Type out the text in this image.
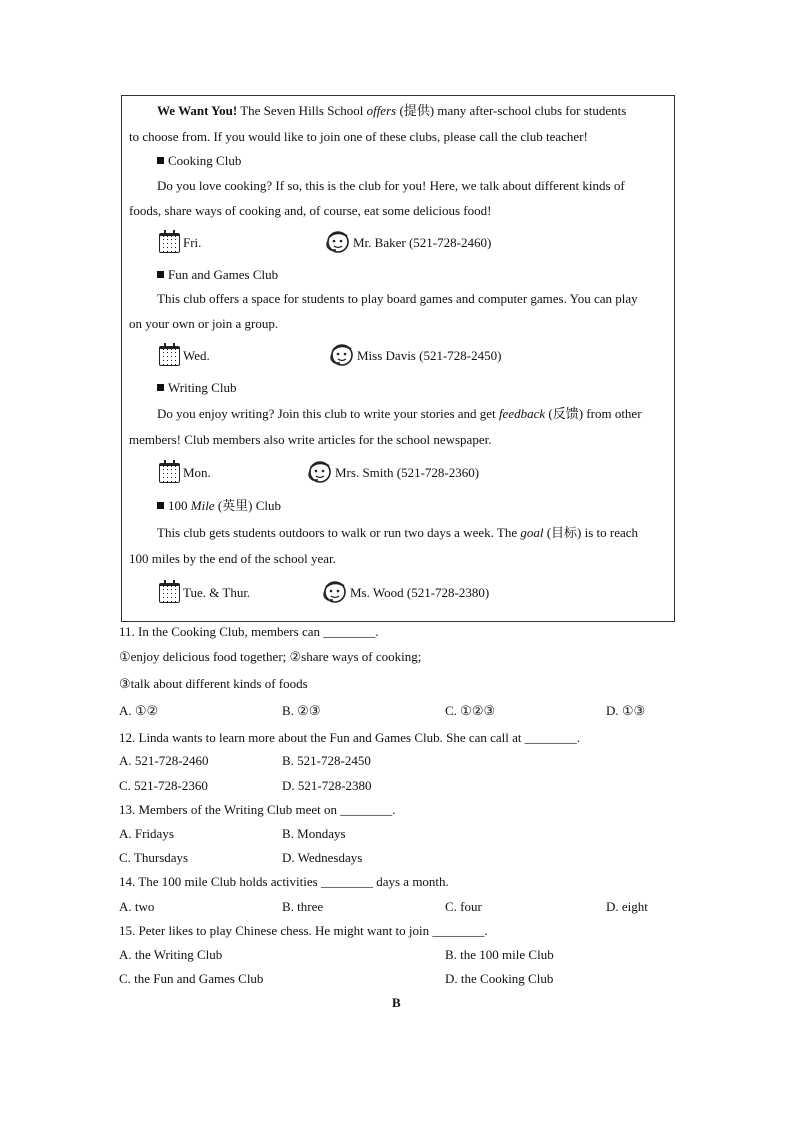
We Want You! The Seven Hills School offers (提供) many after-school clubs for students
to choose from. If you would like to join one of these clubs, please call the club teacher!
Cooking Club
Do you love cooking? If so, this is the club for you! Here, we talk about different kinds of
foods, share ways of cooking and, of course, eat some delicious food!
Fri.	Mr. Baker (521-728-2460)
Fun and Games Club
This club offers a space for students to play board games and computer games. You can play
on your own or join a group.
Wed.	Miss Davis (521-728-2450)
Writing Club
Do you enjoy writing? Join this club to write your stories and get feedback (反馈) from other
members! Club members also write articles for the school newspaper.
Mon.	Mrs. Smith (521-728-2360)
100 Mile (英里) Club
This club gets students outdoors to walk or run two days a week. The goal (目标) is to reach
100 miles by the end of the school year.
Tue. & Thur.	Ms. Wood (521-728-2380)
11. In the Cooking Club, members can ________.
①enjoy delicious food together; ②share ways of cooking;
③talk about different kinds of foods
A. ①②	B. ②③	C. ①②③	D. ①③
12. Linda wants to learn more about the Fun and Games Club. She can call at ________.
A. 521-728-2460	B. 521-728-2450
C. 521-728-2360	D. 521-728-2380
13. Members of the Writing Club meet on ________.
A. Fridays	B. Mondays
C. Thursdays	D. Wednesdays
14. The 100 mile Club holds activities ________ days a month.
A. two	B. three	C. four	D. eight
15. Peter likes to play Chinese chess. He might want to join ________.
A. the Writing Club	B. the 100 mile Club
C. the Fun and Games Club	D. the Cooking Club
B
